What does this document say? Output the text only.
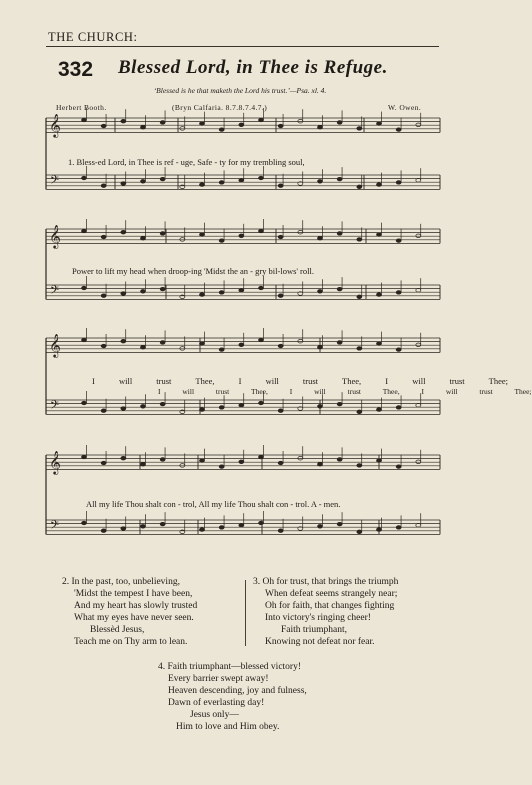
THE CHURCH:
332 Blessed Lord, in Thee is Refuge.
‘Blessed is he that maketh the Lord his trust.’—Psa. xl. 4.
Herbert Booth.	(Bryn Calfaria. 8.7.8.7.4.7.)	W. Owen.
𝄞
𝄢
𝄞
𝄢
𝄞
𝄢
𝄞
𝄢
1. Bless-ed Lord, in Thee is ref - uge, Safe - ty for my trembling soul,
Power to lift my head when droop-ing 'Midst the an - gry bil-lows' roll.
I will trust Thee, I will trust Thee, I will trust Thee;
I will trust Thee, I will trust Thee, I will trust Thee;
All my life Thou shalt con - trol, All my life Thou shalt con - trol. A - men.
2. In the past, too, unbelieving,
'Midst the tempest I have been,
And my heart has slowly trusted
What my eyes have never seen.
Blessèd Jesus,
Teach me on Thy arm to lean.
3. Oh for trust, that brings the triumph
When defeat seems strangely near;
Oh for faith, that changes fighting
Into victory's ringing cheer!
Faith triumphant,
Knowing not defeat nor fear.
4. Faith triumphant—blessed victory!
Every barrier swept away!
Heaven descending, joy and fulness,
Dawn of everlasting day!
Jesus only—
Him to love and Him obey.
